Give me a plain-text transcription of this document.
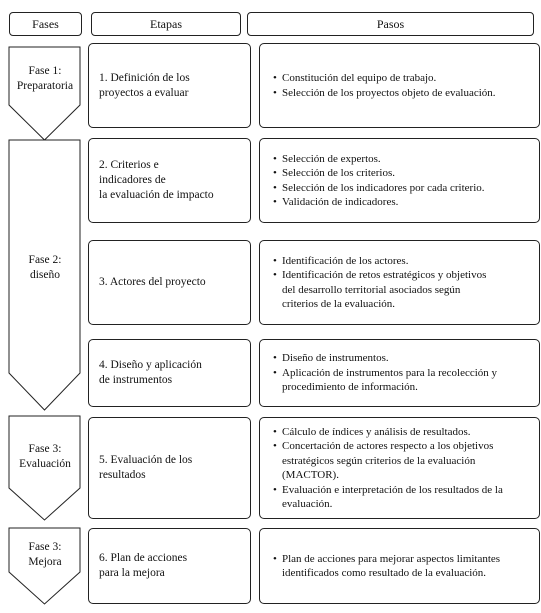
Fases	Etapas	Pasos
Fase 1:
Preparatoria
Fase 2:
diseño
Fase 3:
Evaluación
Fase 3:
Mejora
1. Definición de los
proyectos a evaluar
2. Criterios e
indicadores de
la evaluación de impacto
3. Actores del proyecto
4. Diseño y aplicación
de instrumentos
5. Evaluación de los
resultados
6. Plan de acciones
para la mejora
• Constitución del equipo de trabajo.
• Selección de los proyectos objeto de evaluación.
• Selección de expertos.
• Selección de los criterios.
• Selección de los indicadores por cada criterio.
• Validación de indicadores.
• Identificación de los actores.
• Identificación de retos estratégicos y objetivos del desarrollo territorial asociados según criterios de la evaluación.
• Diseño de instrumentos.
• Aplicación de instrumentos para la recolección y procedimiento de información.
• Cálculo de índices y análisis de resultados.
• Concertación de actores respecto a los objetivos estratégicos según criterios de la evaluación (MACTOR).
• Evaluación e interpretación de los resultados de la evaluación.
• Plan de acciones para mejorar aspectos limitantes identificados como resultado de la evaluación.
